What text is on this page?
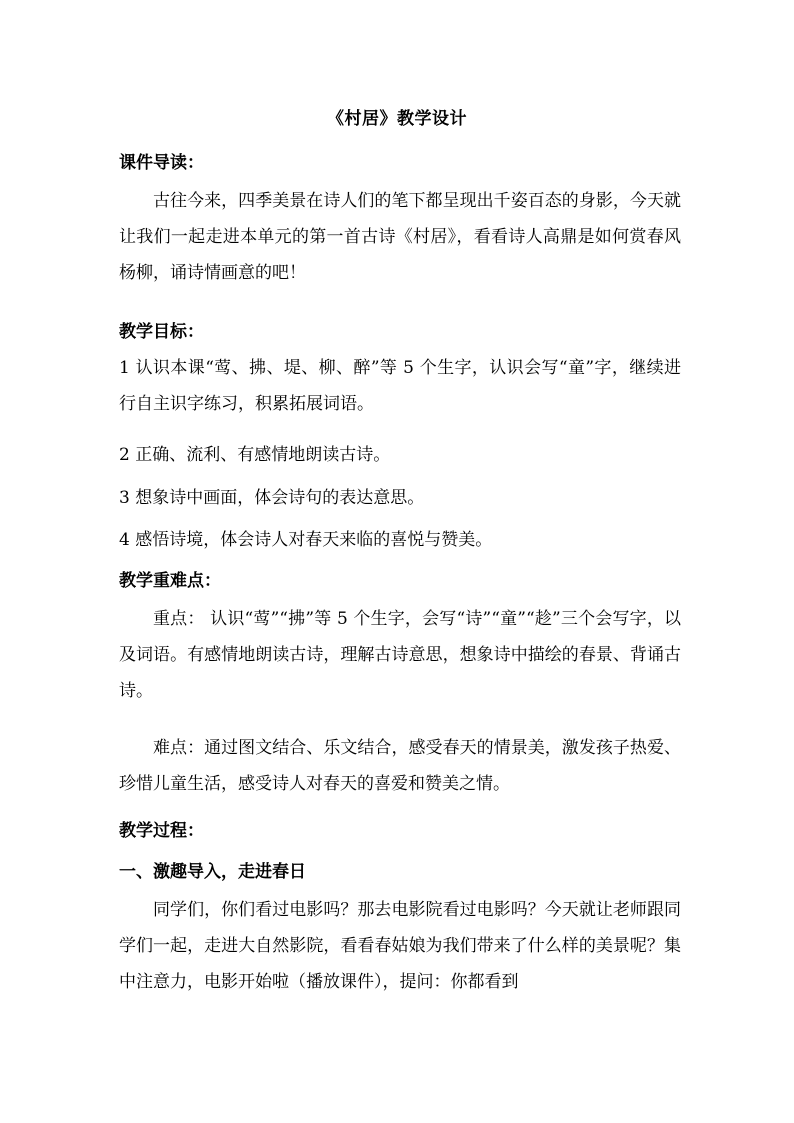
《村居》教学设计
课件导读：

古往今来，四季美景在诗人们的笔下都呈现出千姿百态的身影，今天就让我们一起走进本单元的第一首古诗《村居》，看看诗人高鼎是如何赏春风杨柳，诵诗情画意的吧！

教学目标：

1 认识本课“莺、拂、堤、柳、醉”等 5 个生字，认识会写“童”字，继续进行自主识字练习，积累拓展词语。

2 正确、流利、有感情地朗读古诗。
3 想象诗中画面，体会诗句的表达意思。
4 感悟诗境，体会诗人对春天来临的喜悦与赞美。
教学重难点：

重点： 认识“莺”“拂”等 5 个生字，会写“诗”“童”“趁”三个会写字，以及词语。有感情地朗读古诗，理解古诗意思，想象诗中描绘的春景、背诵古诗。

难点：通过图文结合、乐文结合，感受春天的情景美，激发孩子热爱、珍惜儿童生活，感受诗人对春天的喜爱和赞美之情。

教学过程：
一、激趣导入，走进春日

同学们，你们看过电影吗？那去电影院看过电影吗？今天就让老师跟同学们一起，走进大自然影院，看看春姑娘为我们带来了什么样的美景呢？集中注意力，电影开始啦（播放课件），提问：你都看到
